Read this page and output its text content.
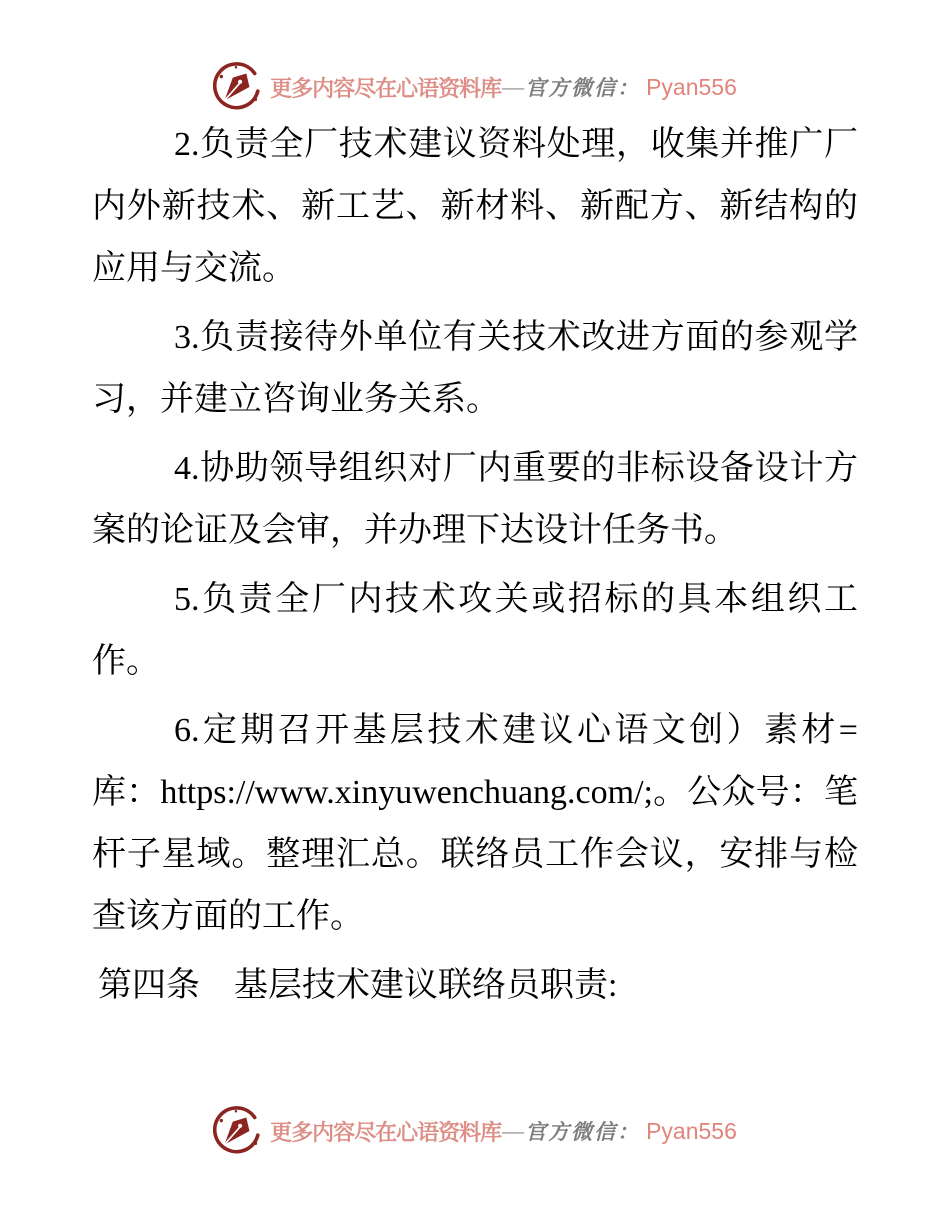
更多内容尽在心语资料库 — 官方微信： Pyan556

2.负责全厂技术建议资料处理，收集并推广厂内外新技术、新工艺、新材料、新配方、新结构的应用与交流。

3.负责接待外单位有关技术改进方面的参观学习，并建立咨询业务关系。

4.协助领导组织对厂内重要的非标设备设计方案的论证及会审，并办理下达设计任务书。

5.负责全厂内技术攻关或招标的具本组织工作。

6.定期召开基层技术建议心语文创）素材=库：https://www.xinyuwenchuang.com/;。公众号：笔杆子星域。整理汇总。联络员工作会议，安排与检查该方面的工作。

第四条　基层技术建议联络员职责:

更多内容尽在心语资料库 — 官方微信： Pyan556
